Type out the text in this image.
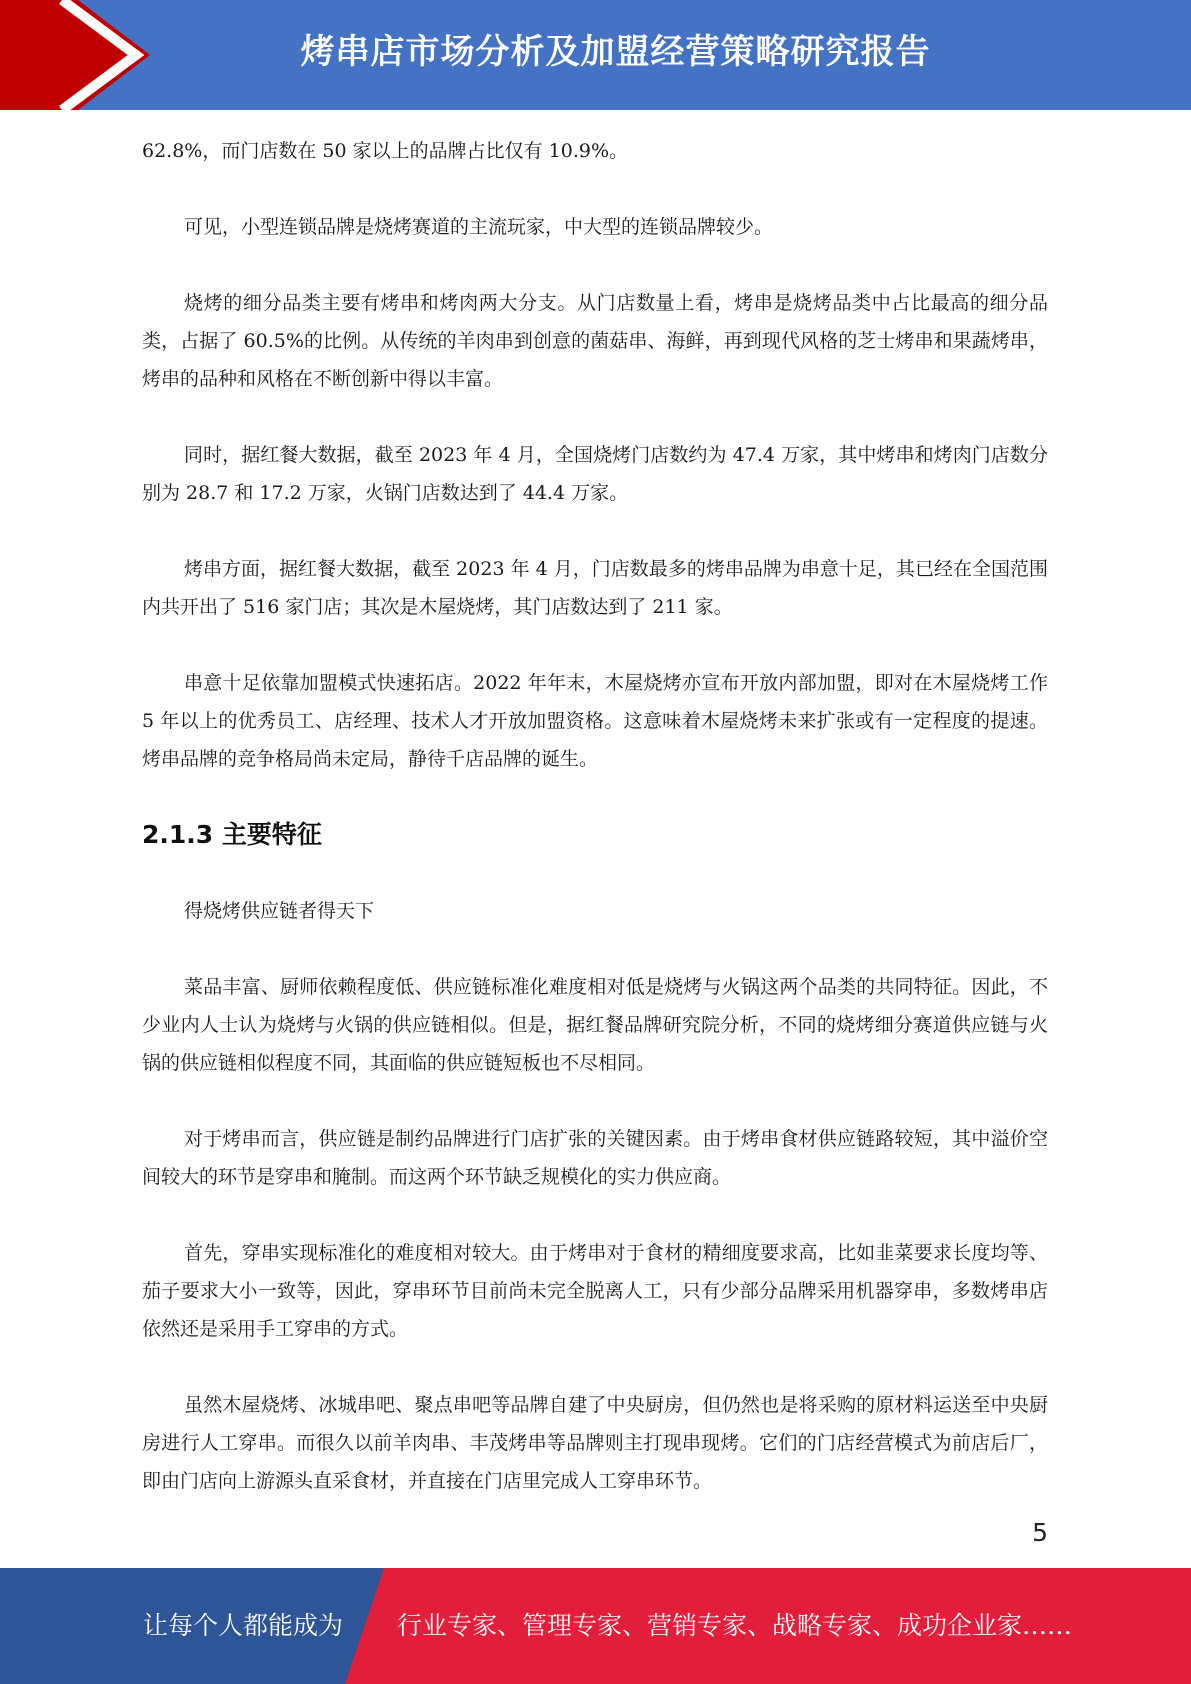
烤串店市场分析及加盟经营策略研究报告

62.8%，而门店数在 50 家以上的品牌占比仅有 10.9%。

可见，小型连锁品牌是烧烤赛道的主流玩家，中大型的连锁品牌较少。

烧烤的细分品类主要有烤串和烤肉两大分支。从门店数量上看，烤串是烧烤品类中占比最高的细分品类，占据了 60.5%的比例。从传统的羊肉串到创意的菌菇串、海鲜，再到现代风格的芝士烤串和果蔬烤串，烤串的品种和风格在不断创新中得以丰富。

同时，据红餐大数据，截至 2023 年 4 月，全国烧烤门店数约为 47.4 万家，其中烤串和烤肉门店数分别为 28.7 和 17.2 万家，火锅门店数达到了 44.4 万家。

烤串方面，据红餐大数据，截至 2023 年 4 月，门店数最多的烤串品牌为串意十足，其已经在全国范围内共开出了 516 家门店；其次是木屋烧烤，其门店数达到了 211 家。

串意十足依靠加盟模式快速拓店。2022 年年末，木屋烧烤亦宣布开放内部加盟，即对在木屋烧烤工作 5 年以上的优秀员工、店经理、技术人才开放加盟资格。这意味着木屋烧烤未来扩张或有一定程度的提速。烤串品牌的竞争格局尚未定局，静待千店品牌的诞生。

2.1.3 主要特征

得烧烤供应链者得天下

菜品丰富、厨师依赖程度低、供应链标准化难度相对低是烧烤与火锅这两个品类的共同特征。因此，不少业内人士认为烧烤与火锅的供应链相似。但是，据红餐品牌研究院分析，不同的烧烤细分赛道供应链与火锅的供应链相似程度不同，其面临的供应链短板也不尽相同。

对于烤串而言，供应链是制约品牌进行门店扩张的关键因素。由于烤串食材供应链路较短，其中溢价空间较大的环节是穿串和腌制。而这两个环节缺乏规模化的实力供应商。

首先，穿串实现标准化的难度相对较大。由于烤串对于食材的精细度要求高，比如韭菜要求长度均等、茄子要求大小一致等，因此，穿串环节目前尚未完全脱离人工，只有少部分品牌采用机器穿串，多数烤串店依然还是采用手工穿串的方式。

虽然木屋烧烤、冰城串吧、聚点串吧等品牌自建了中央厨房，但仍然也是将采购的原材料运送至中央厨房进行人工穿串。而很久以前羊肉串、丰茂烤串等品牌则主打现串现烤。它们的门店经营模式为前店后厂，即由门店向上游源头直采食材，并直接在门店里完成人工穿串环节。

5
让每个人都能成为 行业专家、管理专家、营销专家、战略专家、成功企业家……
